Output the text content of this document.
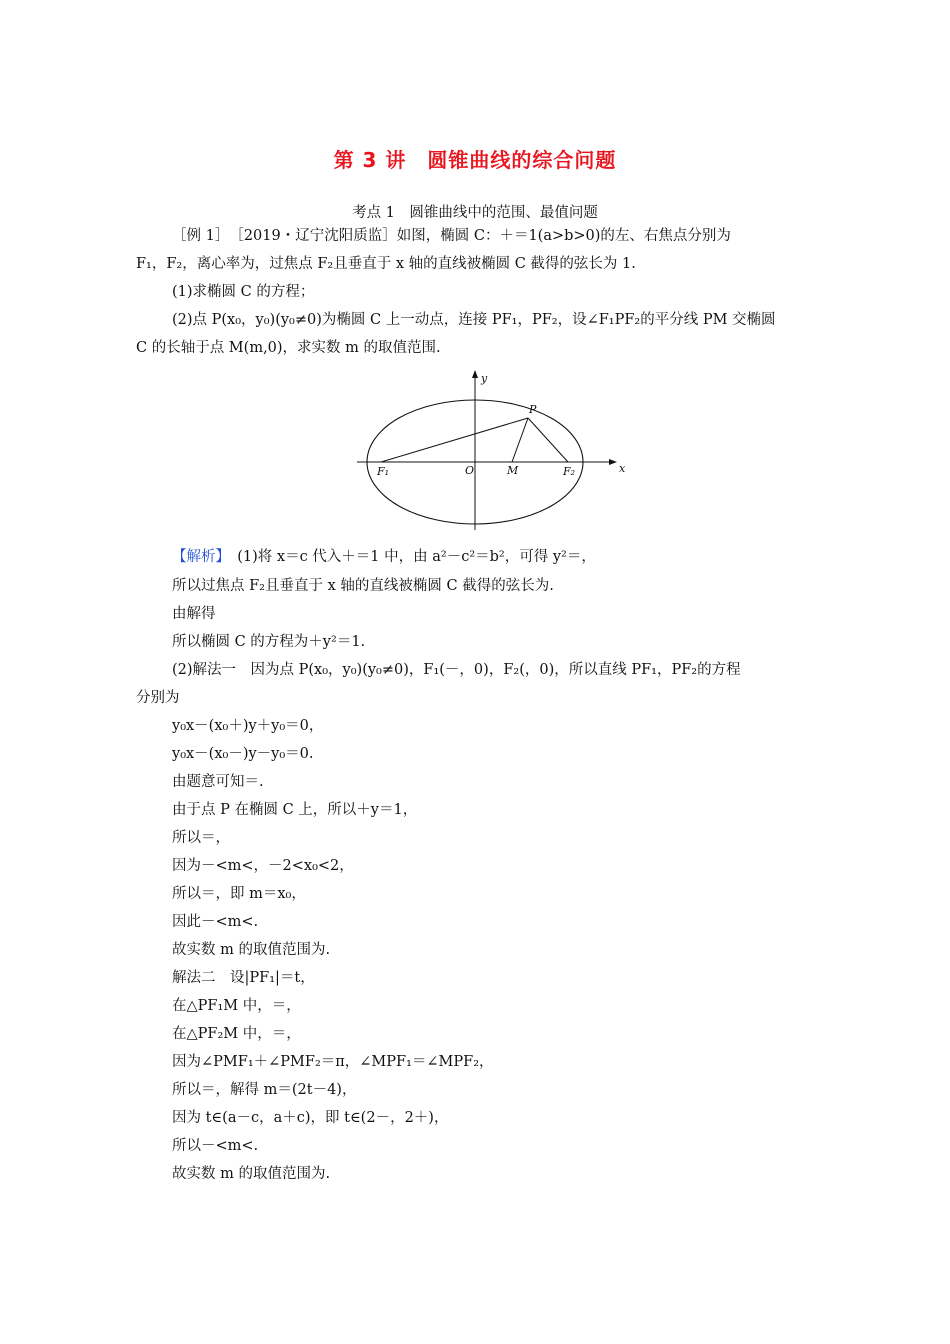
第 3 讲　圆锥曲线的综合问题
考点 1　圆锥曲线中的范围、最值问题
［例 1］　［2019・辽宁沈阳质监］如图，椭圆 C：＋＝1(a>b>0)的左、右焦点分别为
F₁，F₂，离心率为，过焦点 F₂且垂直于 x 轴的直线被椭圆 C 截得的弦长为 1.
(1)求椭圆 C 的方程；
(2)点 P(x₀，y₀)(y₀≠0)为椭圆 C 上一动点，连接 PF₁，PF₂，设∠F₁PF₂的平分线 PM 交椭圆
C 的长轴于点 M(m,0)，求实数 m 的取值范围.
y
x
P
O	M
F₁	F₂
【解析】　(1)将 x＝c 代入＋＝1 中，由 a²－c²＝b²，可得 y²＝，
所以过焦点 F₂且垂直于 x 轴的直线被椭圆 C 截得的弦长为.
由解得
所以椭圆 C 的方程为＋y²＝1.
(2)解法一　因为点 P(x₀，y₀)(y₀≠0)，F₁(－，0)，F₂(，0)，所以直线 PF₁，PF₂的方程
分别为
y₀x－(x₀＋)y＋y₀＝0，
y₀x－(x₀－)y－y₀＝0.
由题意可知＝.
由于点 P 在椭圆 C 上，所以＋y＝1，
所以＝，
因为－<m<，－2<x₀<2，
所以＝，即 m＝x₀，
因此－<m<.
故实数 m 的取值范围为.
解法二　设|PF₁|＝t，
在△PF₁M 中，＝，
在△PF₂M 中，＝，
因为∠PMF₁＋∠PMF₂＝π，∠MPF₁＝∠MPF₂，
所以＝，解得 m＝(2t－4)，
因为 t∈(a－c，a＋c)，即 t∈(2－，2＋)，
所以－<m<.
故实数 m 的取值范围为.
